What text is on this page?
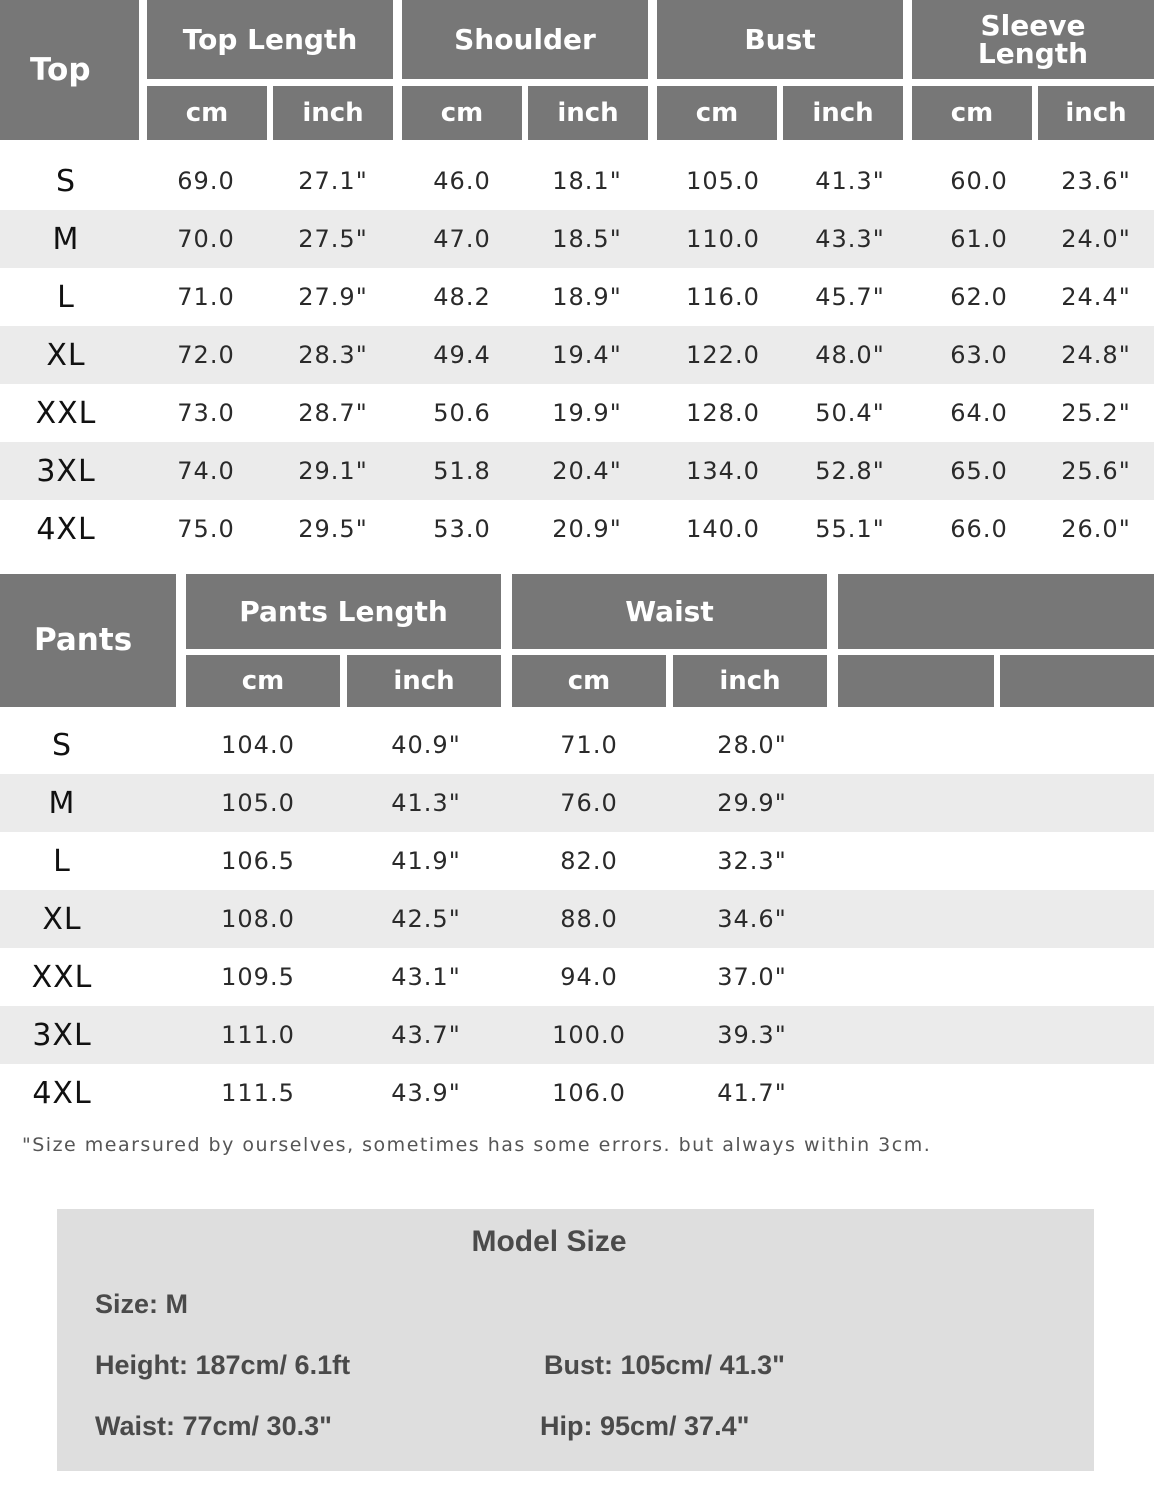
Top
Top Length	Shoulder	Bust	Sleeve Length
cm	inch	cm	inch	cm	inch	cm	inch
S	69.0	27.1"	46.0	18.1"	105.0	41.3"	60.0	23.6"
M	70.0	27.5"	47.0	18.5"	110.0	43.3"	61.0	24.0"
L	71.0	27.9"	48.2	18.9"	116.0	45.7"	62.0	24.4"
XL	72.0	28.3"	49.4	19.4"	122.0	48.0"	63.0	24.8"
XXL	73.0	28.7"	50.6	19.9"	128.0	50.4"	64.0	25.2"
3XL	74.0	29.1"	51.8	20.4"	134.0	52.8"	65.0	25.6"
4XL	75.0	29.5"	53.0	20.9"	140.0	55.1"	66.0	26.0"
Pants
Pants Length	Waist
cm	inch	cm	inch
S	104.0	40.9"	71.0	28.0"
M	105.0	41.3"	76.0	29.9"
L	106.5	41.9"	82.0	32.3"
XL	108.0	42.5"	88.0	34.6"
XXL	109.5	43.1"	94.0	37.0"
3XL	111.0	43.7"	100.0	39.3"
4XL	111.5	43.9"	106.0	41.7"
"Size mearsured by ourselves, sometimes has some errors. but always within 3cm.
Model Size
Size: M
Height: 187cm/ 6.1ft	Bust: 105cm/ 41.3"
Waist: 77cm/ 30.3"	Hip: 95cm/ 37.4"
